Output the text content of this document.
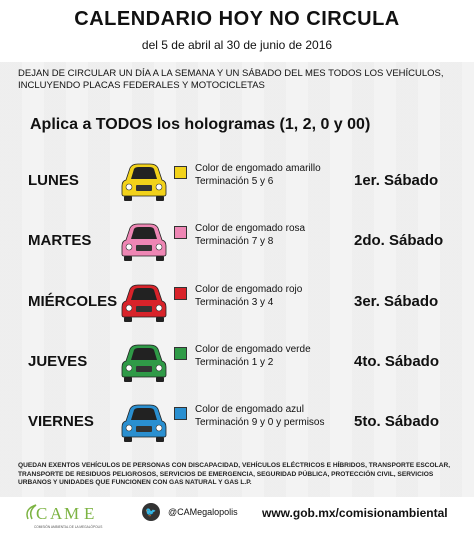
CALENDARIO HOY NO CIRCULA
del 5 de abril al 30 de junio de 2016
DEJAN DE CIRCULAR UN DÍA A LA SEMANA Y UN SÁBADO DEL MES TODOS LOS VEHÍCULOS, INCLUYENDO PLACAS FEDERALES Y MOTOCICLETAS
Aplica a TODOS los hologramas (1, 2, 0 y 00)
LUNES
Color de engomado amarillo
Terminación 5 y 6	1er. Sábado
MARTES
Color de engomado rosa
Terminación 7 y 8	2do. Sábado
MIÉRCOLES
Color de engomado rojo
Terminación 3 y 4	3er. Sábado
JUEVES
Color de engomado verde
Terminación 1 y 2	4to. Sábado
VIERNES
Color de engomado azul
Terminación 9 y 0 y permisos 5to. Sábado
QUEDAN EXENTOS VEHÍCULOS DE PERSONAS CON DISCAPACIDAD, VEHÍCULOS ELÉCTRICOS E HÍBRIDOS, TRANSPORTE ESCOLAR, TRANSPORTE DE RESIDUOS PELIGROSOS, SERVICIOS DE EMERGENCIA, SEGURIDAD PÚBLICA, PROTECCIÓN CIVIL, SERVICIOS URBANOS Y UNIDADES QUE FUNCIONEN CON GAS NATURAL Y GAS L.P.
C A M E
COMISIÓN AMBIENTAL DE LA MEGALÓPOLIS
🐦	@CAMegalopolis www.gob.mx/comisionambiental
